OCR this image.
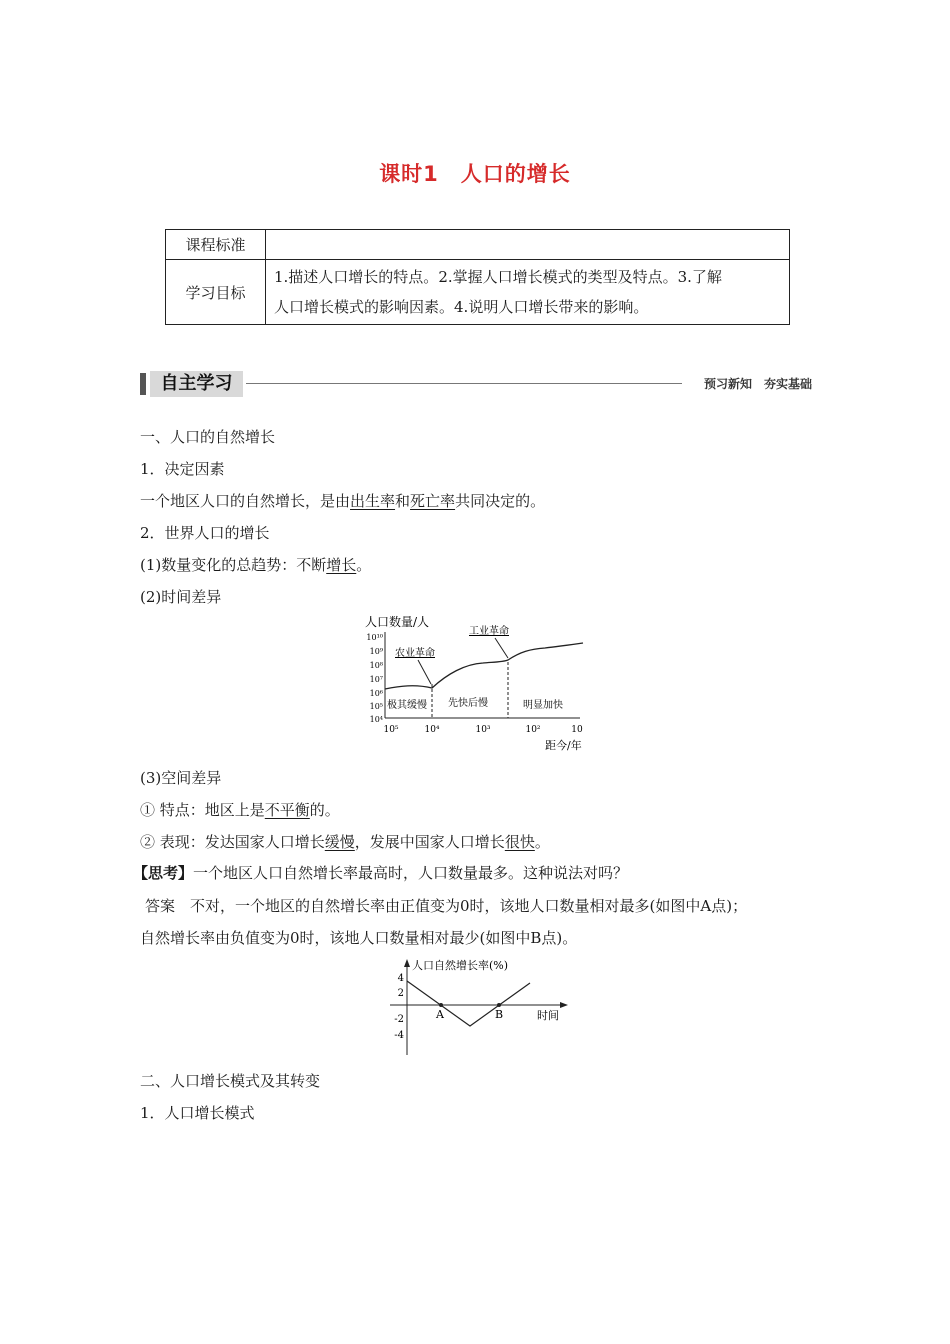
课时1　人口的增长
课程标准	
学习目标	1.描述人口增长的特点。2.掌握人口增长模式的类型及特点。3.了解
人口增长模式的影响因素。4.说明人口增长带来的影响。
自主学习	预习新知　夯实基础
一、人口的自然增长
1．决定因素
一个地区人口的自然增长，是由出生率和死亡率共同决定的。
2．世界人口的增长
(1)数量变化的总趋势：不断增长。
(2)时间差异
人口数量/人
10¹⁰
10⁹
10⁸
10⁷
10⁶
10⁵
10⁴
10⁵	10⁴	10³	10²	10
距今/年
农业革命
工业革命
极其缓慢 先快后慢	明显加快
(3)空间差异
① 特点：地区上是不平衡的。
② 表现：发达国家人口增长缓慢，发展中国家人口增长很快。
【思考】一个地区人口自然增长率最高时，人口数量最多。这种说法对吗？
答案　不对，一个地区的自然增长率由正值变为0时，该地人口数量相对最多(如图中A点)；
自然增长率由负值变为0时，该地人口数量相对最少(如图中B点)。
人口自然增长率(%)
4
2
-2
-4
A	B	时间
二、人口增长模式及其转变
1．人口增长模式
